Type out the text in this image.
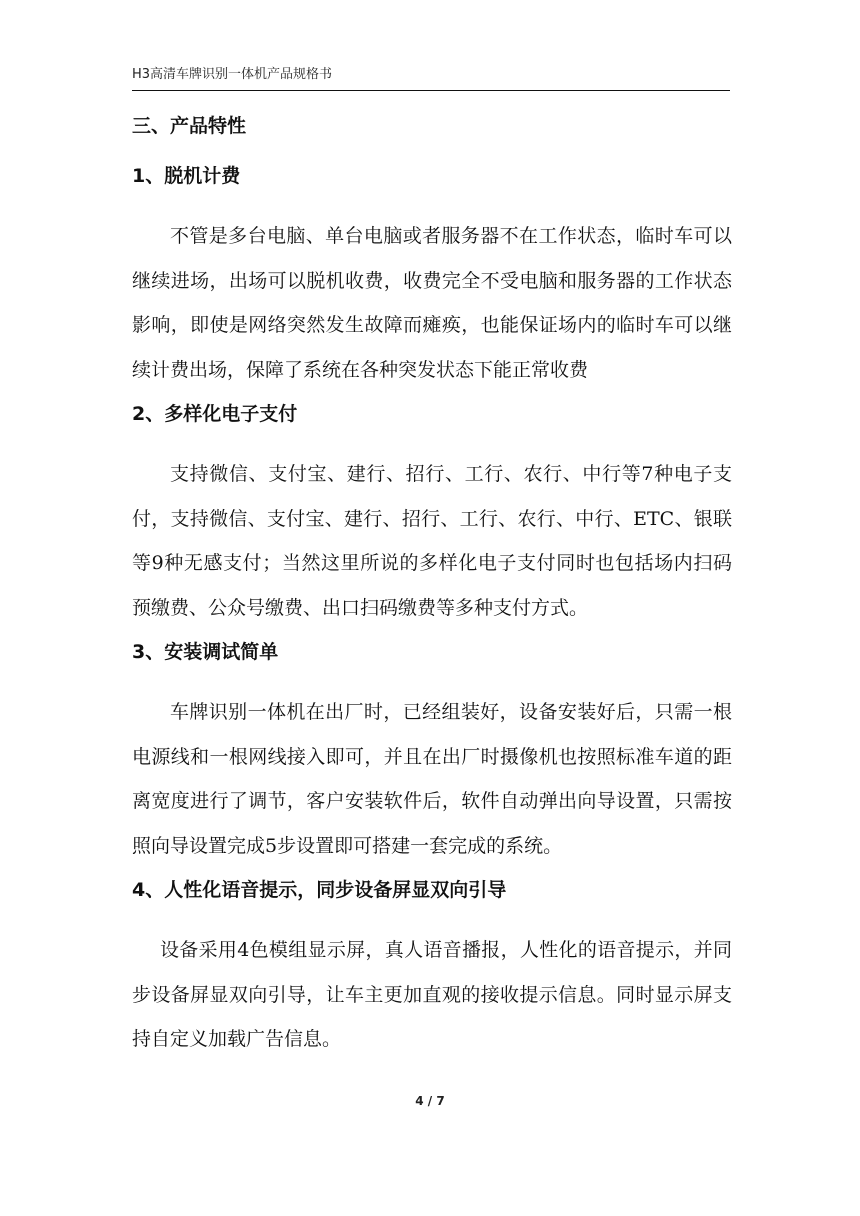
H3高清车牌识别一体机产品规格书
三、产品特性
1、脱机计费

不管是多台电脑、单台电脑或者服务器不在工作状态，临时车可以继续进场，出场可以脱机收费，收费完全不受电脑和服务器的工作状态影响，即使是网络突然发生故障而瘫痪，也能保证场内的临时车可以继续计费出场，保障了系统在各种突发状态下能正常收费

2、多样化电子支付

支持微信、支付宝、建行、招行、工行、农行、中行等7种电子支付，支持微信、支付宝、建行、招行、工行、农行、中行、ETC、银联等9种无感支付；当然这里所说的多样化电子支付同时也包括场内扫码预缴费、公众号缴费、出口扫码缴费等多种支付方式。

3、安装调试简单

车牌识别一体机在出厂时，已经组装好，设备安装好后，只需一根电源线和一根网线接入即可，并且在出厂时摄像机也按照标准车道的距离宽度进行了调节，客户安装软件后，软件自动弹出向导设置，只需按照向导设置完成5步设置即可搭建一套完成的系统。

4、人性化语音提示，同步设备屏显双向引导

设备采用4色模组显示屏，真人语音播报，人性化的语音提示，并同步设备屏显双向引导，让车主更加直观的接收提示信息。同时显示屏支持自定义加载广告信息。

4 / 7
